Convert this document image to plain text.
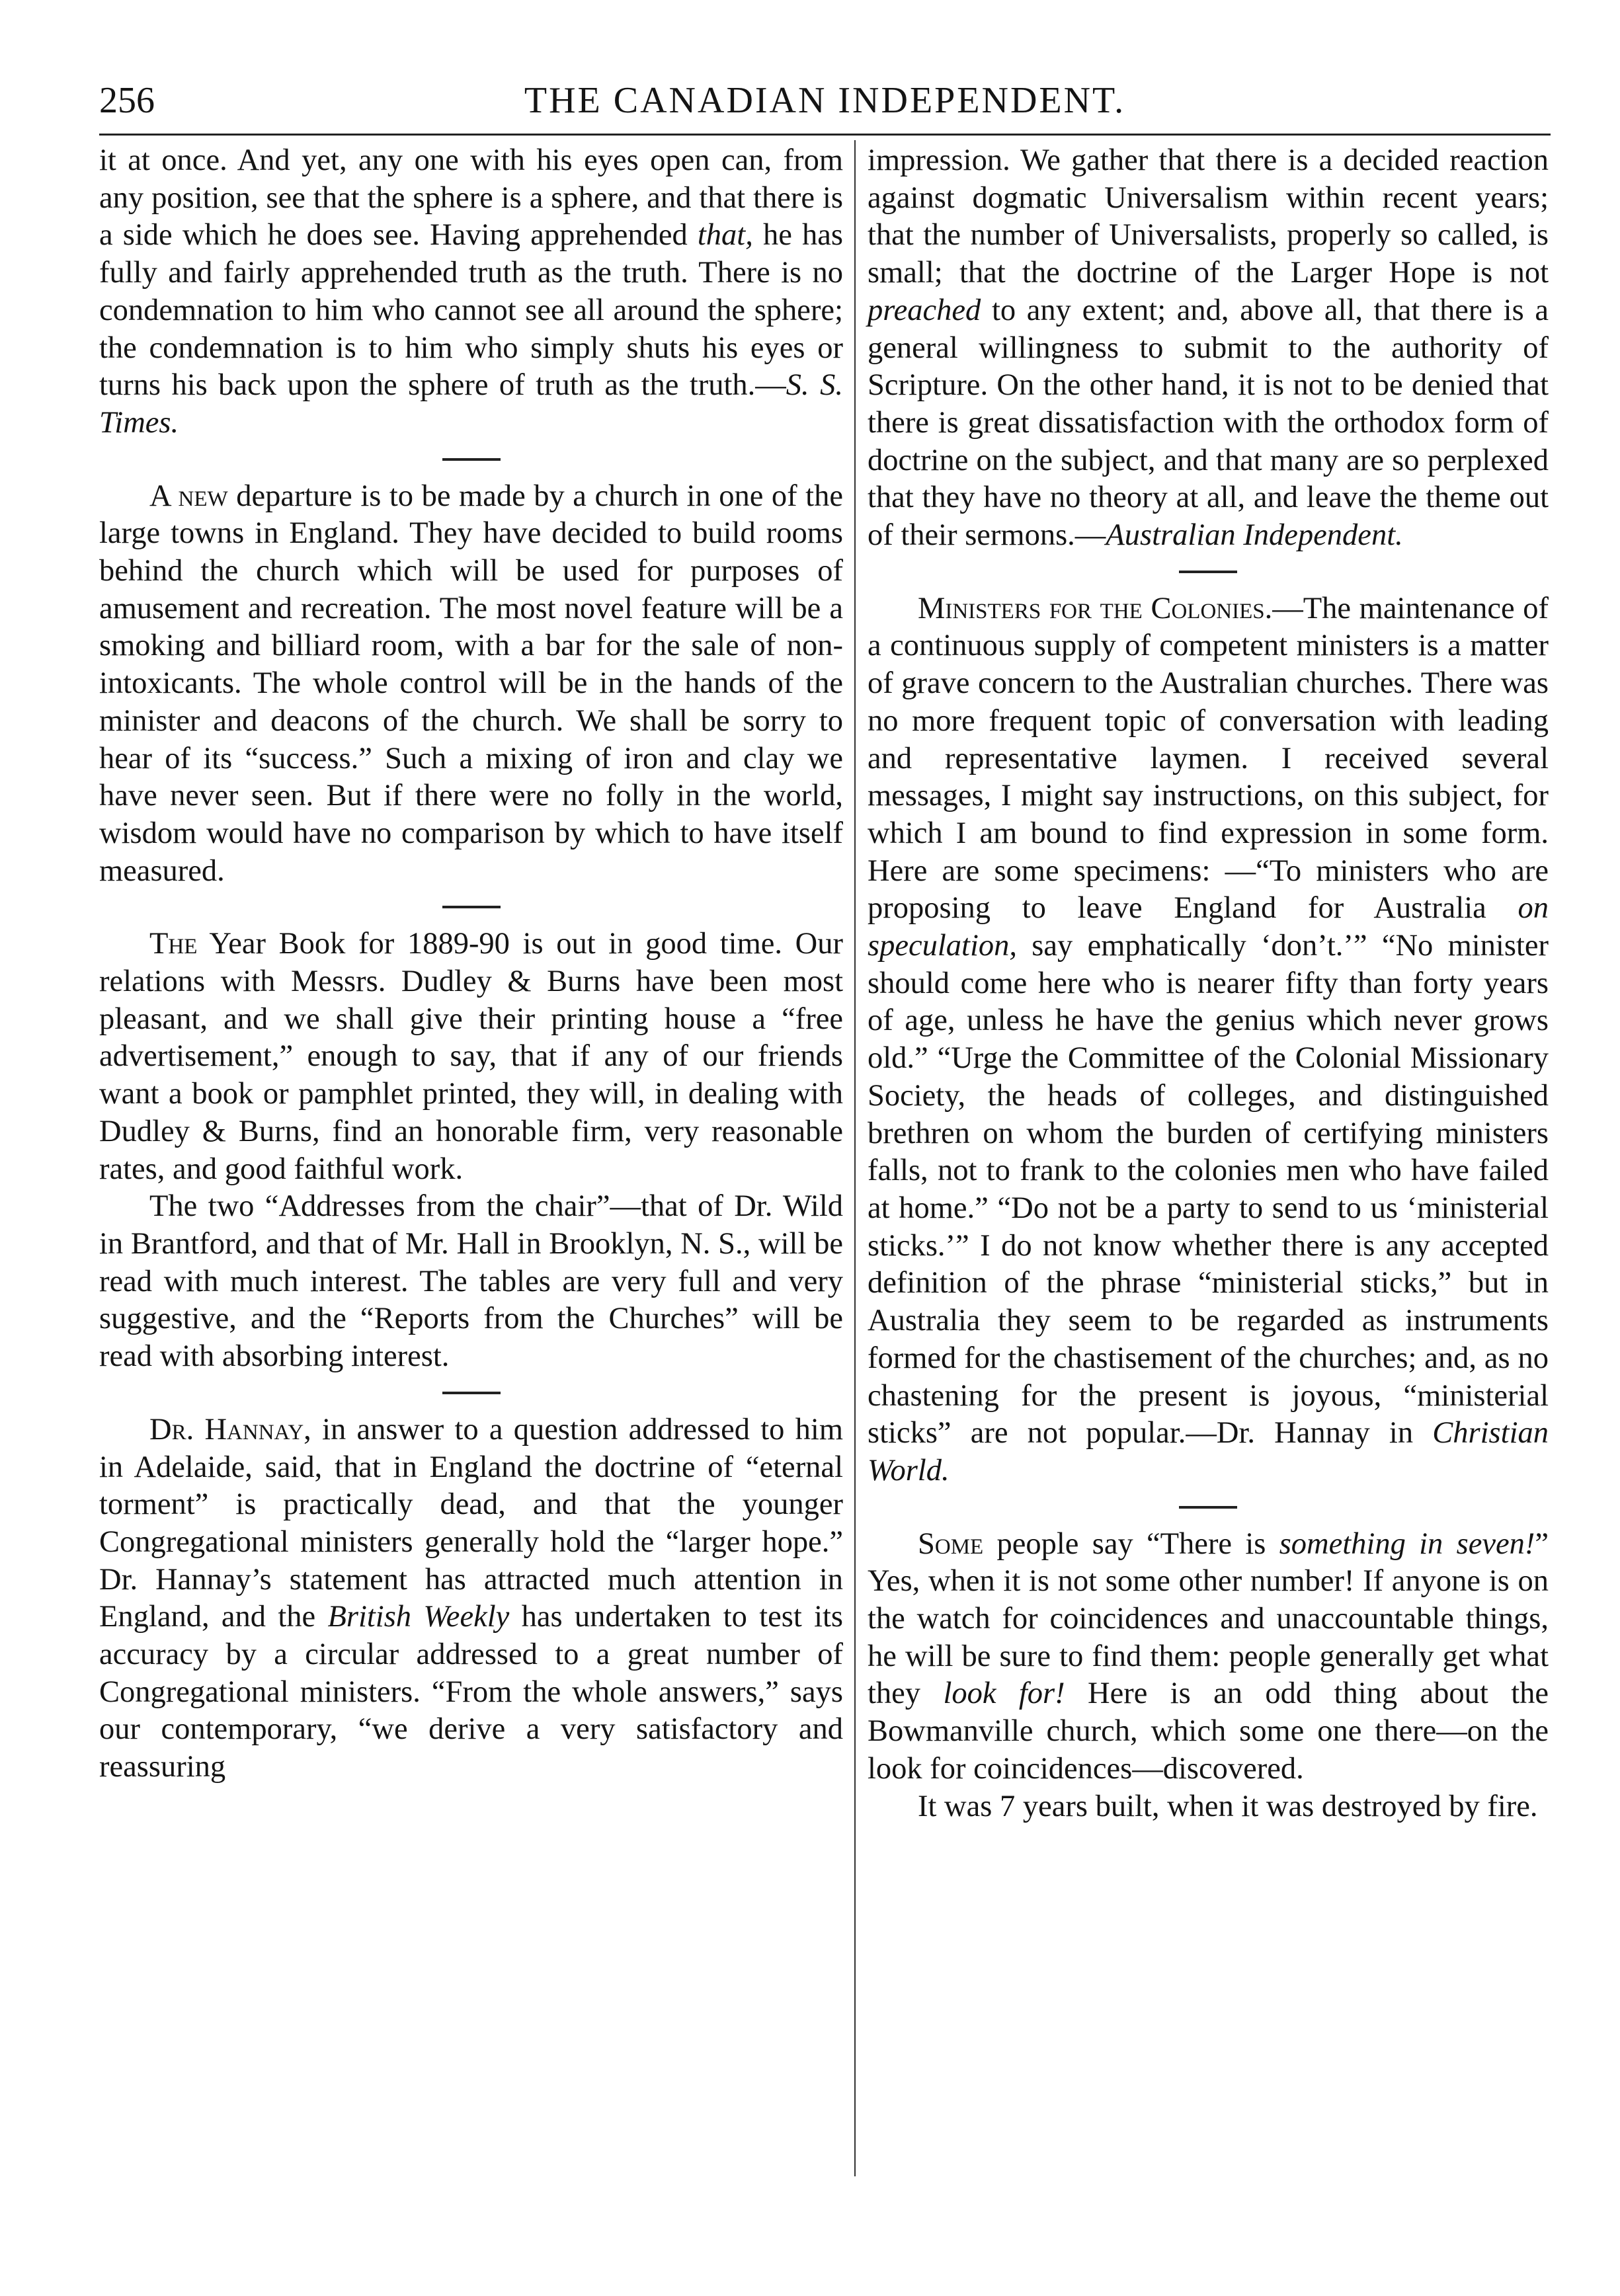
256	THE CANADIAN INDEPENDENT.

it at once. And yet, any one with his eyes open can, from any position, see that the sphere is a sphere, and that there is a side which he does see. Having apprehended that, he has fully and fairly apprehended truth as the truth. There is no condemnation to him who cannot see all around the sphere; the condemnation is to him who simply shuts his eyes or turns his back upon the sphere of truth as the truth.—S. S. Times.

A new departure is to be made by a church in one of the large towns in England. They have decided to build rooms behind the church which will be used for purposes of amusement and recreation. The most novel feature will be a smoking and billiard room, with a bar for the sale of non-intoxicants. The whole control will be in the hands of the minister and deacons of the church. We shall be sorry to hear of its “success.” Such a mixing of iron and clay we have never seen. But if there were no folly in the world, wisdom would have no comparison by which to have itself measured.

The Year Book for 1889-90 is out in good time. Our relations with Messrs. Dudley & Burns have been most pleasant, and we shall give their printing house a “free advertisement,” enough to say, that if any of our friends want a book or pamphlet printed, they will, in dealing with Dudley & Burns, find an honorable firm, very reasonable rates, and good faithful work.

The two “Addresses from the chair”—that of Dr. Wild in Brantford, and that of Mr. Hall in Brooklyn, N. S., will be read with much interest. The tables are very full and very suggestive, and the “Reports from the Churches” will be read with absorbing interest.

Dr. Hannay, in answer to a question addressed to him in Adelaide, said, that in England the doctrine of “eternal torment” is practically dead, and that the younger Congregational ministers generally hold the “larger hope.” Dr. Hannay’s statement has attracted much attention in England, and the British Weekly has undertaken to test its accuracy by a circular addressed to a great number of Congregational ministers. “From the whole answers,” says our contemporary, “we derive a very satisfactory and reassuring

impression. We gather that there is a decided reaction against dogmatic Universalism within recent years; that the number of Universalists, properly so called, is small; that the doctrine of the Larger Hope is not preached to any extent; and, above all, that there is a general willingness to submit to the authority of Scripture. On the other hand, it is not to be denied that there is great dissatisfaction with the orthodox form of doctrine on the subject, and that many are so perplexed that they have no theory at all, and leave the theme out of their sermons.—Australian Independent.

Ministers for the Colonies.—The maintenance of a continuous supply of competent ministers is a matter of grave concern to the Australian churches. There was no more frequent topic of conversation with leading and representative laymen. I received several messages, I might say instructions, on this subject, for which I am bound to find expression in some form. Here are some specimens: —“To ministers who are proposing to leave England for Australia on speculation, say emphatically ‘don’t.’” “No minister should come here who is nearer fifty than forty years of age, unless he have the genius which never grows old.” “Urge the Committee of the Colonial Missionary Society, the heads of colleges, and distinguished brethren on whom the burden of certifying ministers falls, not to frank to the colonies men who have failed at home.” “Do not be a party to send to us ‘ministerial sticks.’” I do not know whether there is any accepted definition of the phrase “ministerial sticks,” but in Australia they seem to be regarded as instruments formed for the chastisement of the churches; and, as no chastening for the present is joyous, “ministerial sticks” are not popular.—Dr. Hannay in Christian World.

Some people say “There is something in seven!” Yes, when it is not some other number! If anyone is on the watch for coincidences and unaccountable things, he will be sure to find them: people generally get what they look for! Here is an odd thing about the Bowmanville church, which some one there—on the look for coincidences—discovered.

It was 7 years built, when it was destroyed by fire.
